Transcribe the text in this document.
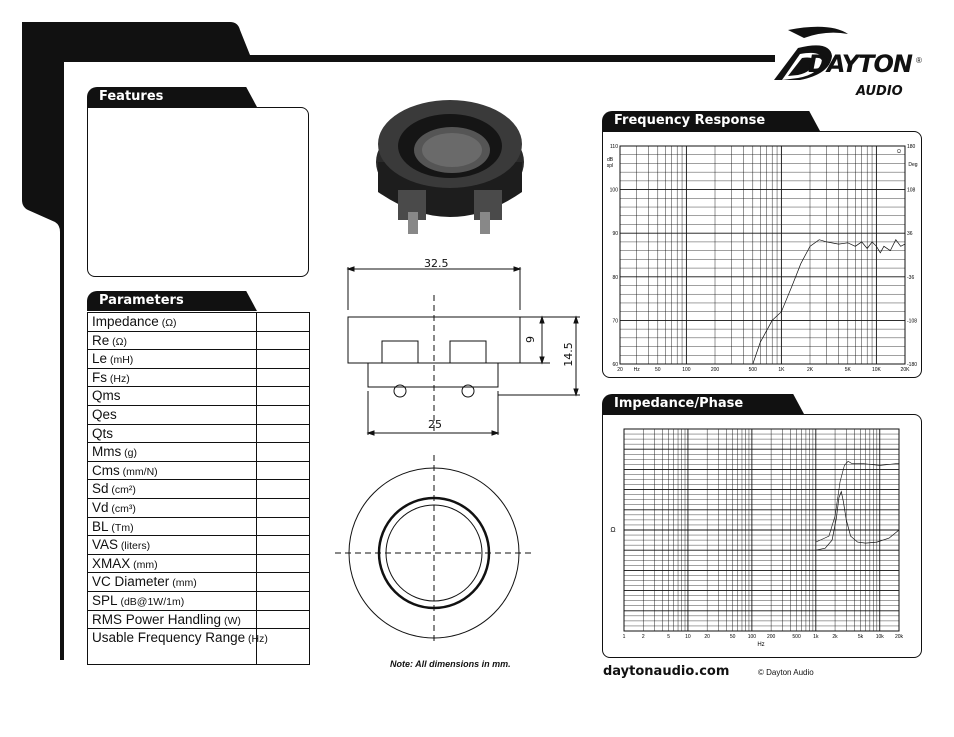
DAYTON ®
AUDIO
Features
Parameters
Impedance (Ω)
Re (Ω)
Le (mH)
Fs (Hz)
Qms
Qes
Qts
Mms (g)
Cms (mm/N)
Sd (cm²)
Vd (cm³)
BL (Tm)
VAS (liters)
XMAX (mm)
VC Diameter (mm)
SPL (dB@1W/1m)
RMS Power Handling (W)
Usable Frequency Range (Hz)
32.5
25
9
14.5
Note: All dimensions in mm.
Frequency Response
110
100
90
80
70
60
180
108
36
-36
-108
-180
dB
spl	Deg
Ω
20 Hz	50	100	200	500	1K	2K	5K	10K	20K
Impedance/Phase
Ω
1	2	5	10	20	50 100 200	500 1k	2k	5k	10k 20k
Hz
daytonaudio.com	© Dayton Audio
